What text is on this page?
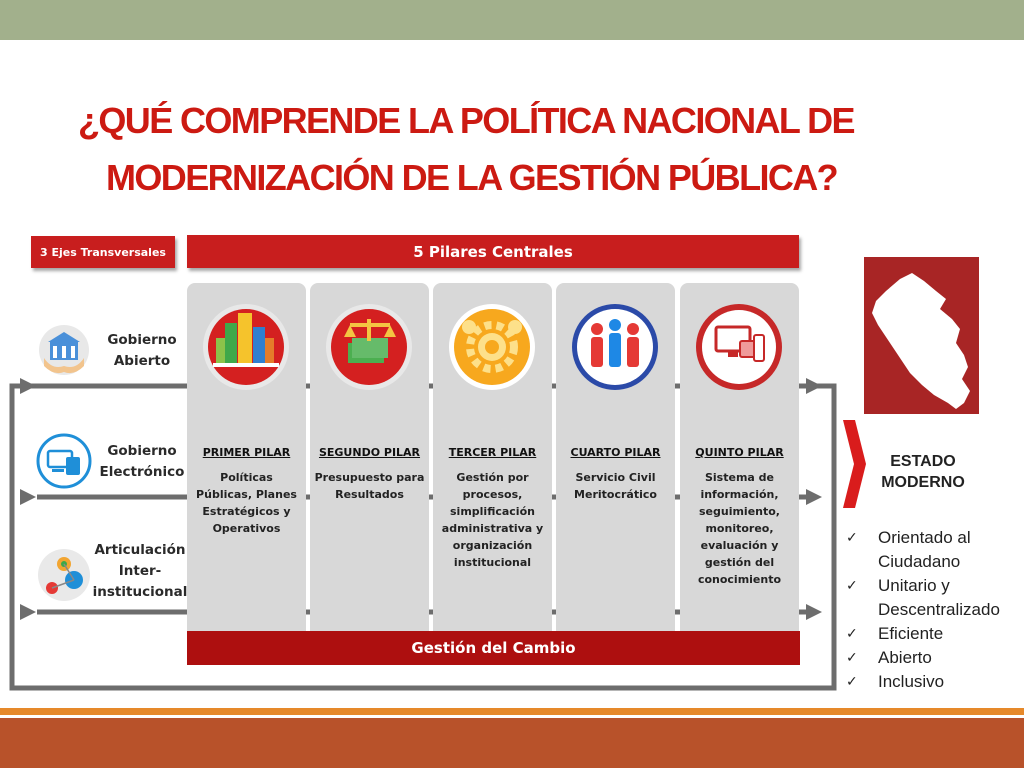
¿QUÉ COMPRENDE LA POLÍTICA NACIONAL DE
MODERNIZACIÓN DE LA GESTIÓN PÚBLICA?
3 Ejes Transversales	5 Pilares Centrales
PRIMER PILAR
Políticas Públicas, Planes Estratégicos y Operativos
SEGUNDO PILAR
Presupuesto para Resultados
TERCER PILAR
Gestión por procesos, simplificación administrativa y organización institucional
CUARTO PILAR
Servicio Civil Meritocrático
QUINTO PILAR
Sistema de información, seguimiento, monitoreo, evaluación y gestión del conocimiento
Gestión del Cambio
Gobierno
Abierto
Gobierno
Electrónico
Articulación
Inter-
institucional
ESTADO
MODERNO
✓	Orientado al
Ciudadano
✓	Unitario y
Descentralizado
✓	Eficiente
✓	Abierto
✓	Inclusivo
